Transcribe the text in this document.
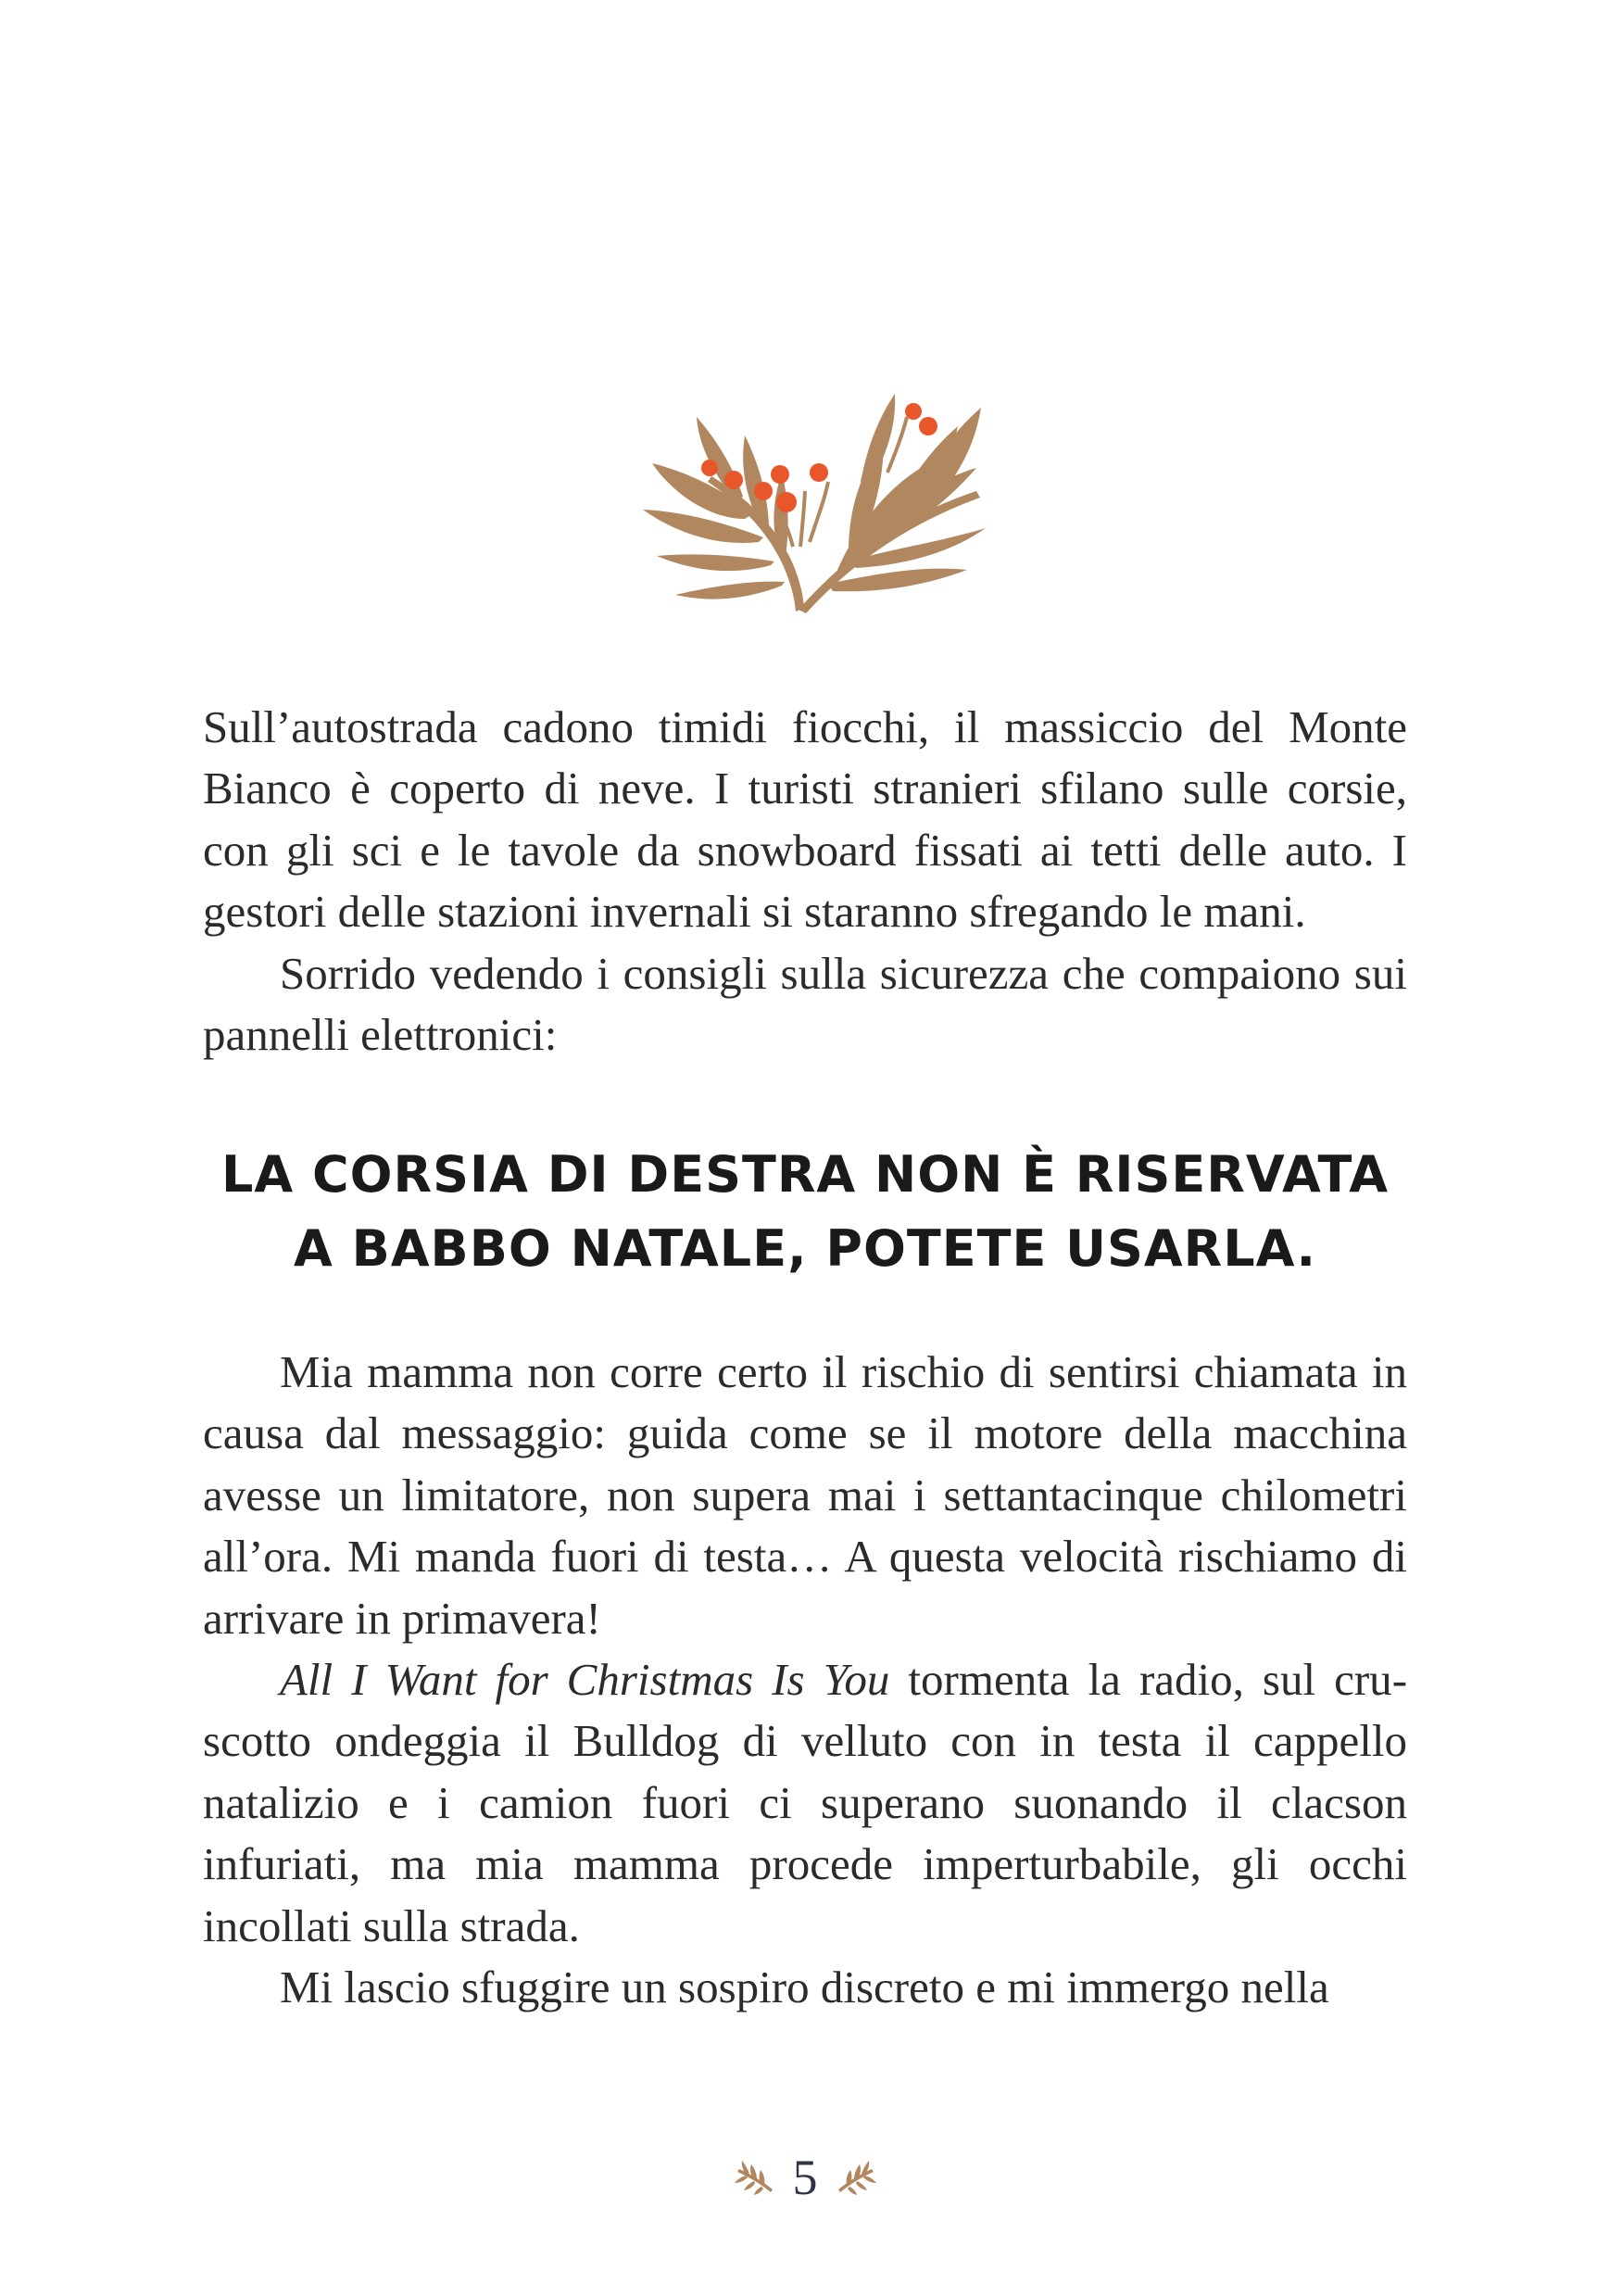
Sull’autostrada cadono timidi fiocchi, il massiccio del Monte Bianco è coperto di neve. I turisti stranieri sfilano sulle corsie, con gli sci e le tavole da snowboard fissati ai tetti delle auto. I gestori delle stazioni invernali si staranno sfregando le mani.

Sorrido vedendo i consigli sulla sicurezza che compaiono sui pannelli elettronici:

LA CORSIA DI DESTRA NON È RISERVATA
A BABBO NATALE, POTETE USARLA.

Mia mamma non corre certo il rischio di sentirsi chiamata in causa dal messaggio: guida come se il motore della macchina avesse un limitatore, non supera mai i settantacinque chilometri all’ora. Mi manda fuori di testa… A questa velocità rischiamo di arrivare in primavera!

All I Want for Christmas Is You tormenta la radio, sul cruscotto ondeggia il Bulldog di velluto con in testa il cappello natalizio e i camion fuori ci superano suonando il clacson infuriati, ma mia mamma procede imperturbabile, gli occhi incollati sulla strada.

Mi lascio sfuggire un sospiro discreto e mi immergo nella

5
